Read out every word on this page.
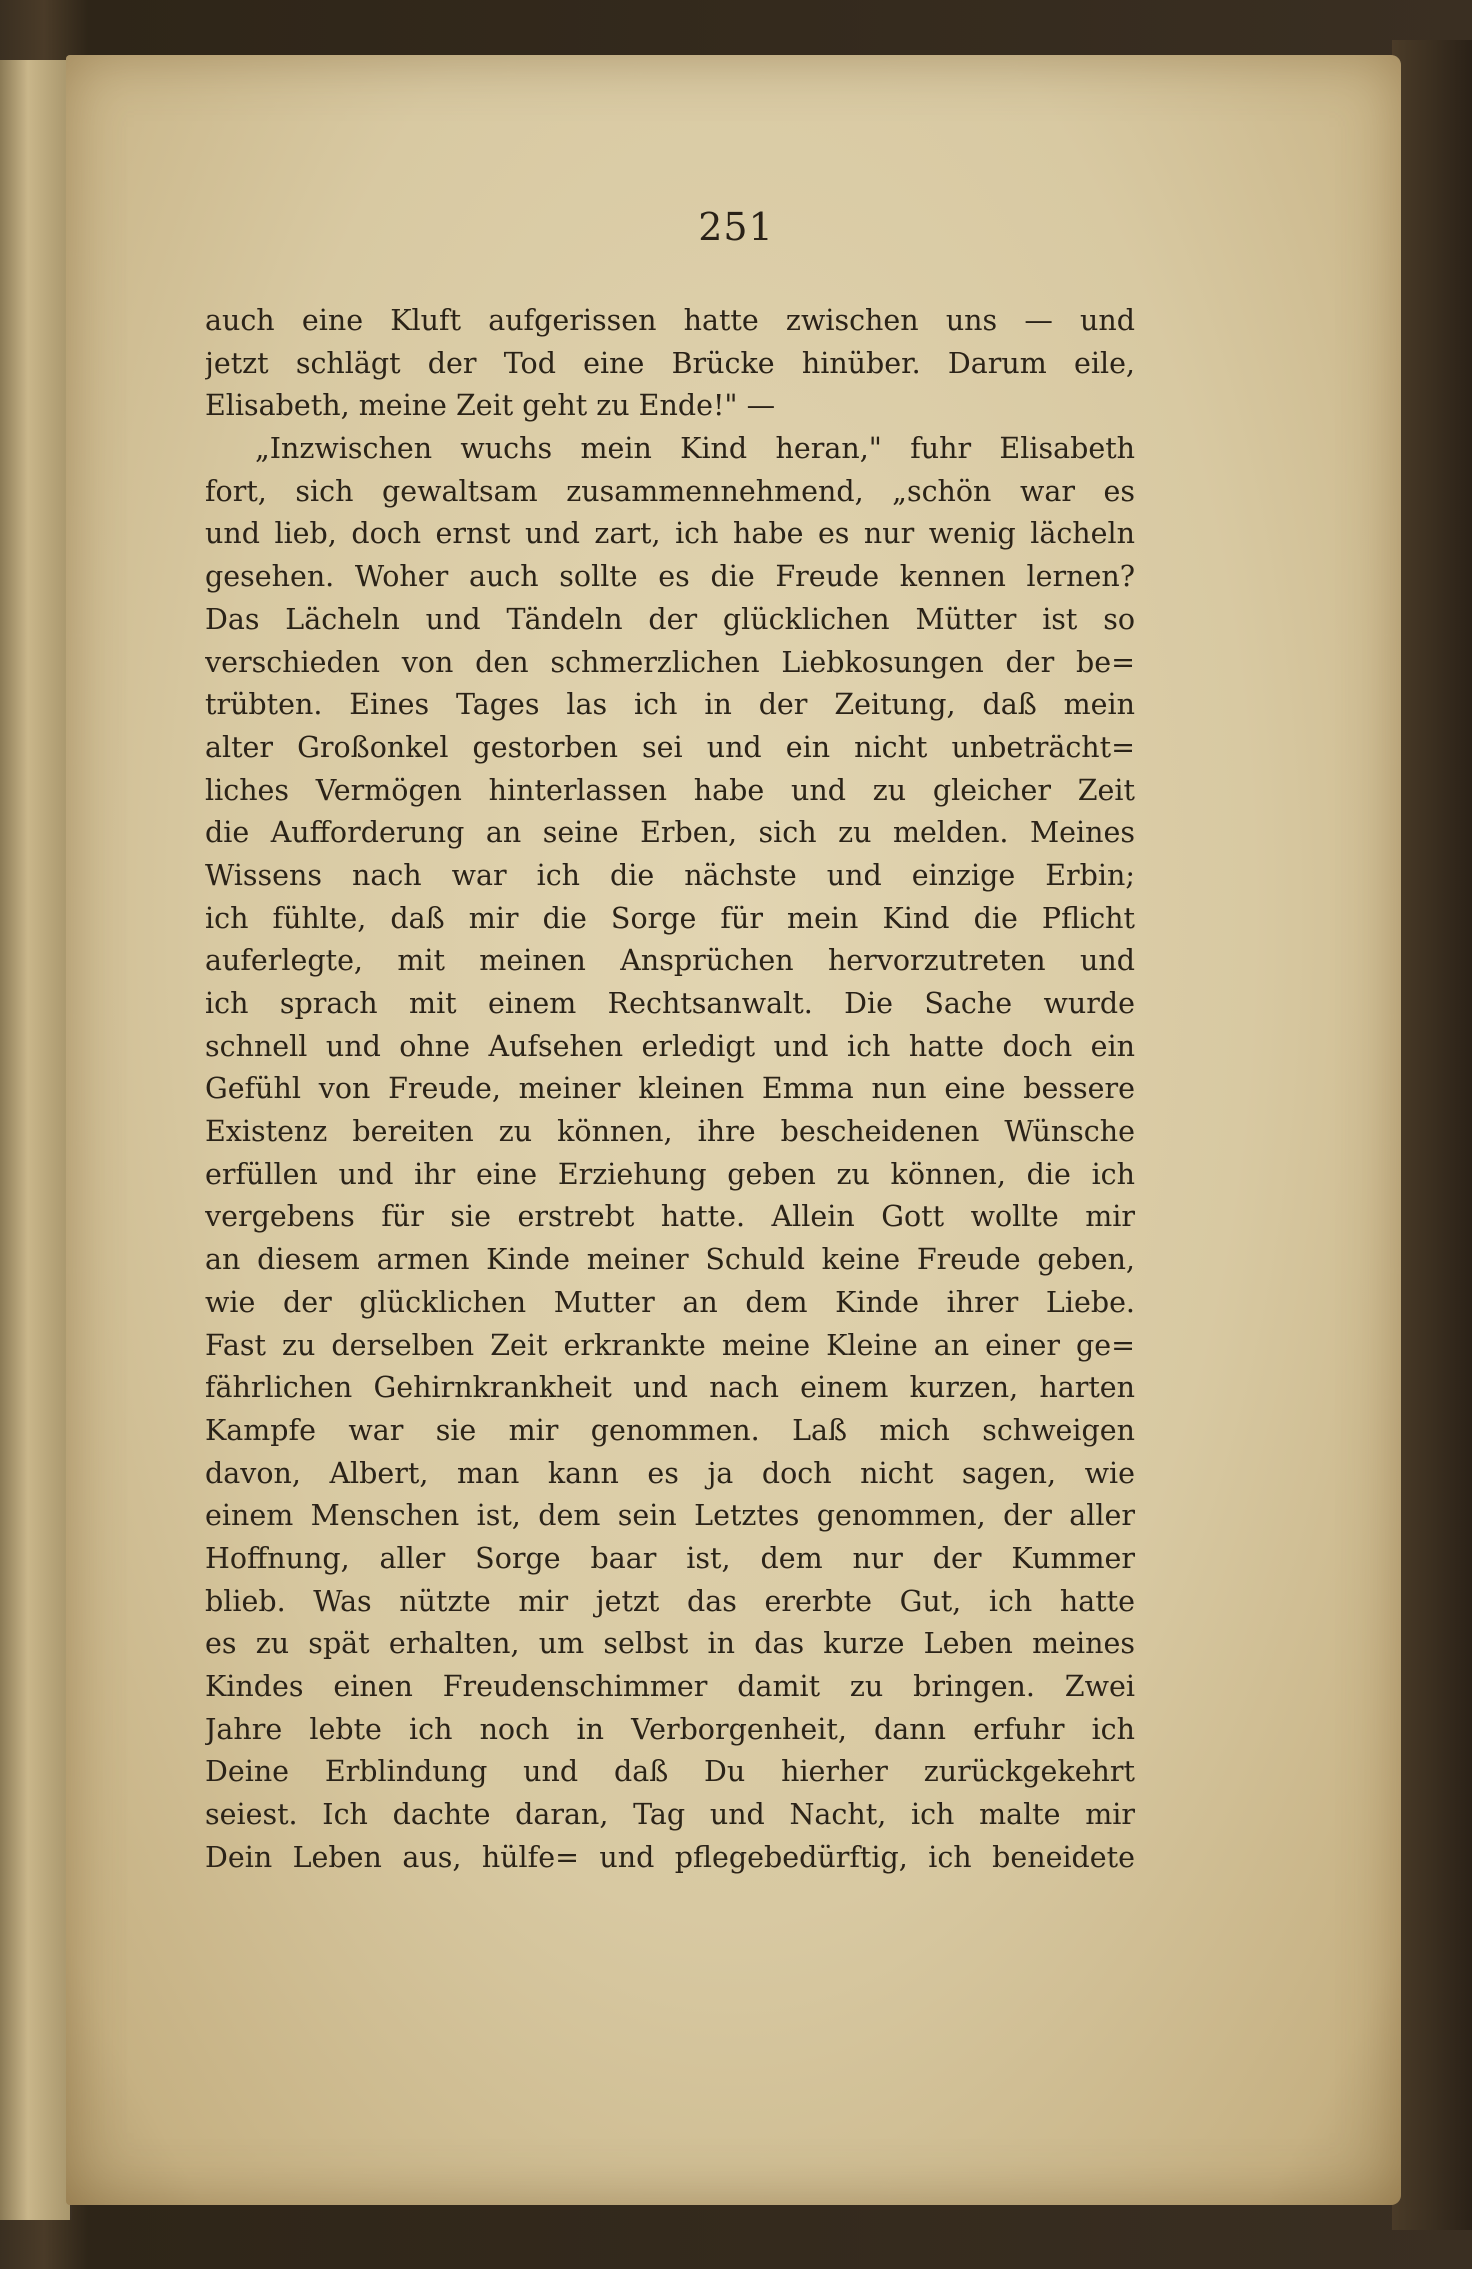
251
auch eine Kluft aufgerissen hatte zwischen uns — und
jetzt schlägt der Tod eine Brücke hinüber. Darum eile,
Elisabeth, meine Zeit geht zu Ende!" —
„Inzwischen wuchs mein Kind heran," fuhr Elisabeth
fort, sich gewaltsam zusammennehmend, „schön war es
und lieb, doch ernst und zart, ich habe es nur wenig lächeln
gesehen. Woher auch sollte es die Freude kennen lernen?
Das Lächeln und Tändeln der glücklichen Mütter ist so
verschieden von den schmerzlichen Liebkosungen der be=
trübten. Eines Tages las ich in der Zeitung, daß mein
alter Großonkel gestorben sei und ein nicht unbeträcht=
liches Vermögen hinterlassen habe und zu gleicher Zeit
die Aufforderung an seine Erben, sich zu melden. Meines
Wissens nach war ich die nächste und einzige Erbin;
ich fühlte, daß mir die Sorge für mein Kind die Pflicht
auferlegte, mit meinen Ansprüchen hervorzutreten und
ich sprach mit einem Rechtsanwalt. Die Sache wurde
schnell und ohne Aufsehen erledigt und ich hatte doch ein
Gefühl von Freude, meiner kleinen Emma nun eine bessere
Existenz bereiten zu können, ihre bescheidenen Wünsche
erfüllen und ihr eine Erziehung geben zu können, die ich
vergebens für sie erstrebt hatte. Allein Gott wollte mir
an diesem armen Kinde meiner Schuld keine Freude geben,
wie der glücklichen Mutter an dem Kinde ihrer Liebe.
Fast zu derselben Zeit erkrankte meine Kleine an einer ge=
fährlichen Gehirnkrankheit und nach einem kurzen, harten
Kampfe war sie mir genommen. Laß mich schweigen
davon, Albert, man kann es ja doch nicht sagen, wie
einem Menschen ist, dem sein Letztes genommen, der aller
Hoffnung, aller Sorge baar ist, dem nur der Kummer
blieb. Was nützte mir jetzt das ererbte Gut, ich hatte
es zu spät erhalten, um selbst in das kurze Leben meines
Kindes einen Freudenschimmer damit zu bringen. Zwei
Jahre lebte ich noch in Verborgenheit, dann erfuhr ich
Deine Erblindung und daß Du hierher zurückgekehrt
seiest. Ich dachte daran, Tag und Nacht, ich malte mir
Dein Leben aus, hülfe= und pflegebedürftig, ich beneidete
